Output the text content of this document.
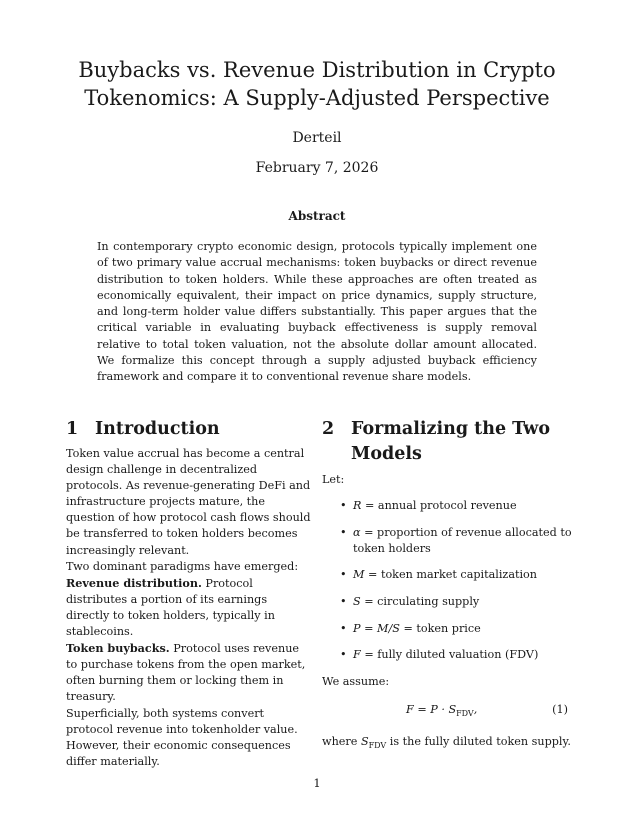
Buybacks vs. Revenue Distribution in Crypto Tokenomics: A Supply-Adjusted Perspective
Derteil
February 7, 2026
Abstract

In contemporary crypto economic design, protocols typically implement one of two primary value accrual mechanisms: token buybacks or direct revenue distribution to token holders. While these approaches are often treated as economically equivalent, their impact on price dynamics, supply structure, and long-term holder value differs substantially. This paper argues that the critical variable in evaluating buyback effectiveness is supply removal relative to total token valuation, not the absolute dollar amount allocated. We formalize this concept through a supply adjusted buyback efficiency framework and compare it to conventional revenue share models.

1 Introduction

Token value accrual has become a central design challenge in decentralized protocols. As revenue-generating DeFi and infrastructure projects mature, the question of how protocol cash flows should be transferred to token holders becomes increasingly relevant.

Two dominant paradigms have emerged:

Revenue distribution. Protocol distributes a portion of its earnings directly to token holders, typically in stablecoins.

Token buybacks. Protocol uses revenue to purchase tokens from the open market, often burning them or locking them in treasury.

Superficially, both systems convert protocol revenue into tokenholder value. However, their economic consequences differ materially.

2 Formalizing the Two Models

Let:

• R = annual protocol revenue
• α = proportion of revenue allocated to token holders
• M = token market capitalization
• S = circulating supply
• P = M/S = token price
• F = fully diluted valuation (FDV)

We assume:

$F = P \cdot S_{FDV}$,	(1)

where $S_{FDV}$ is the fully diluted token supply.

1
